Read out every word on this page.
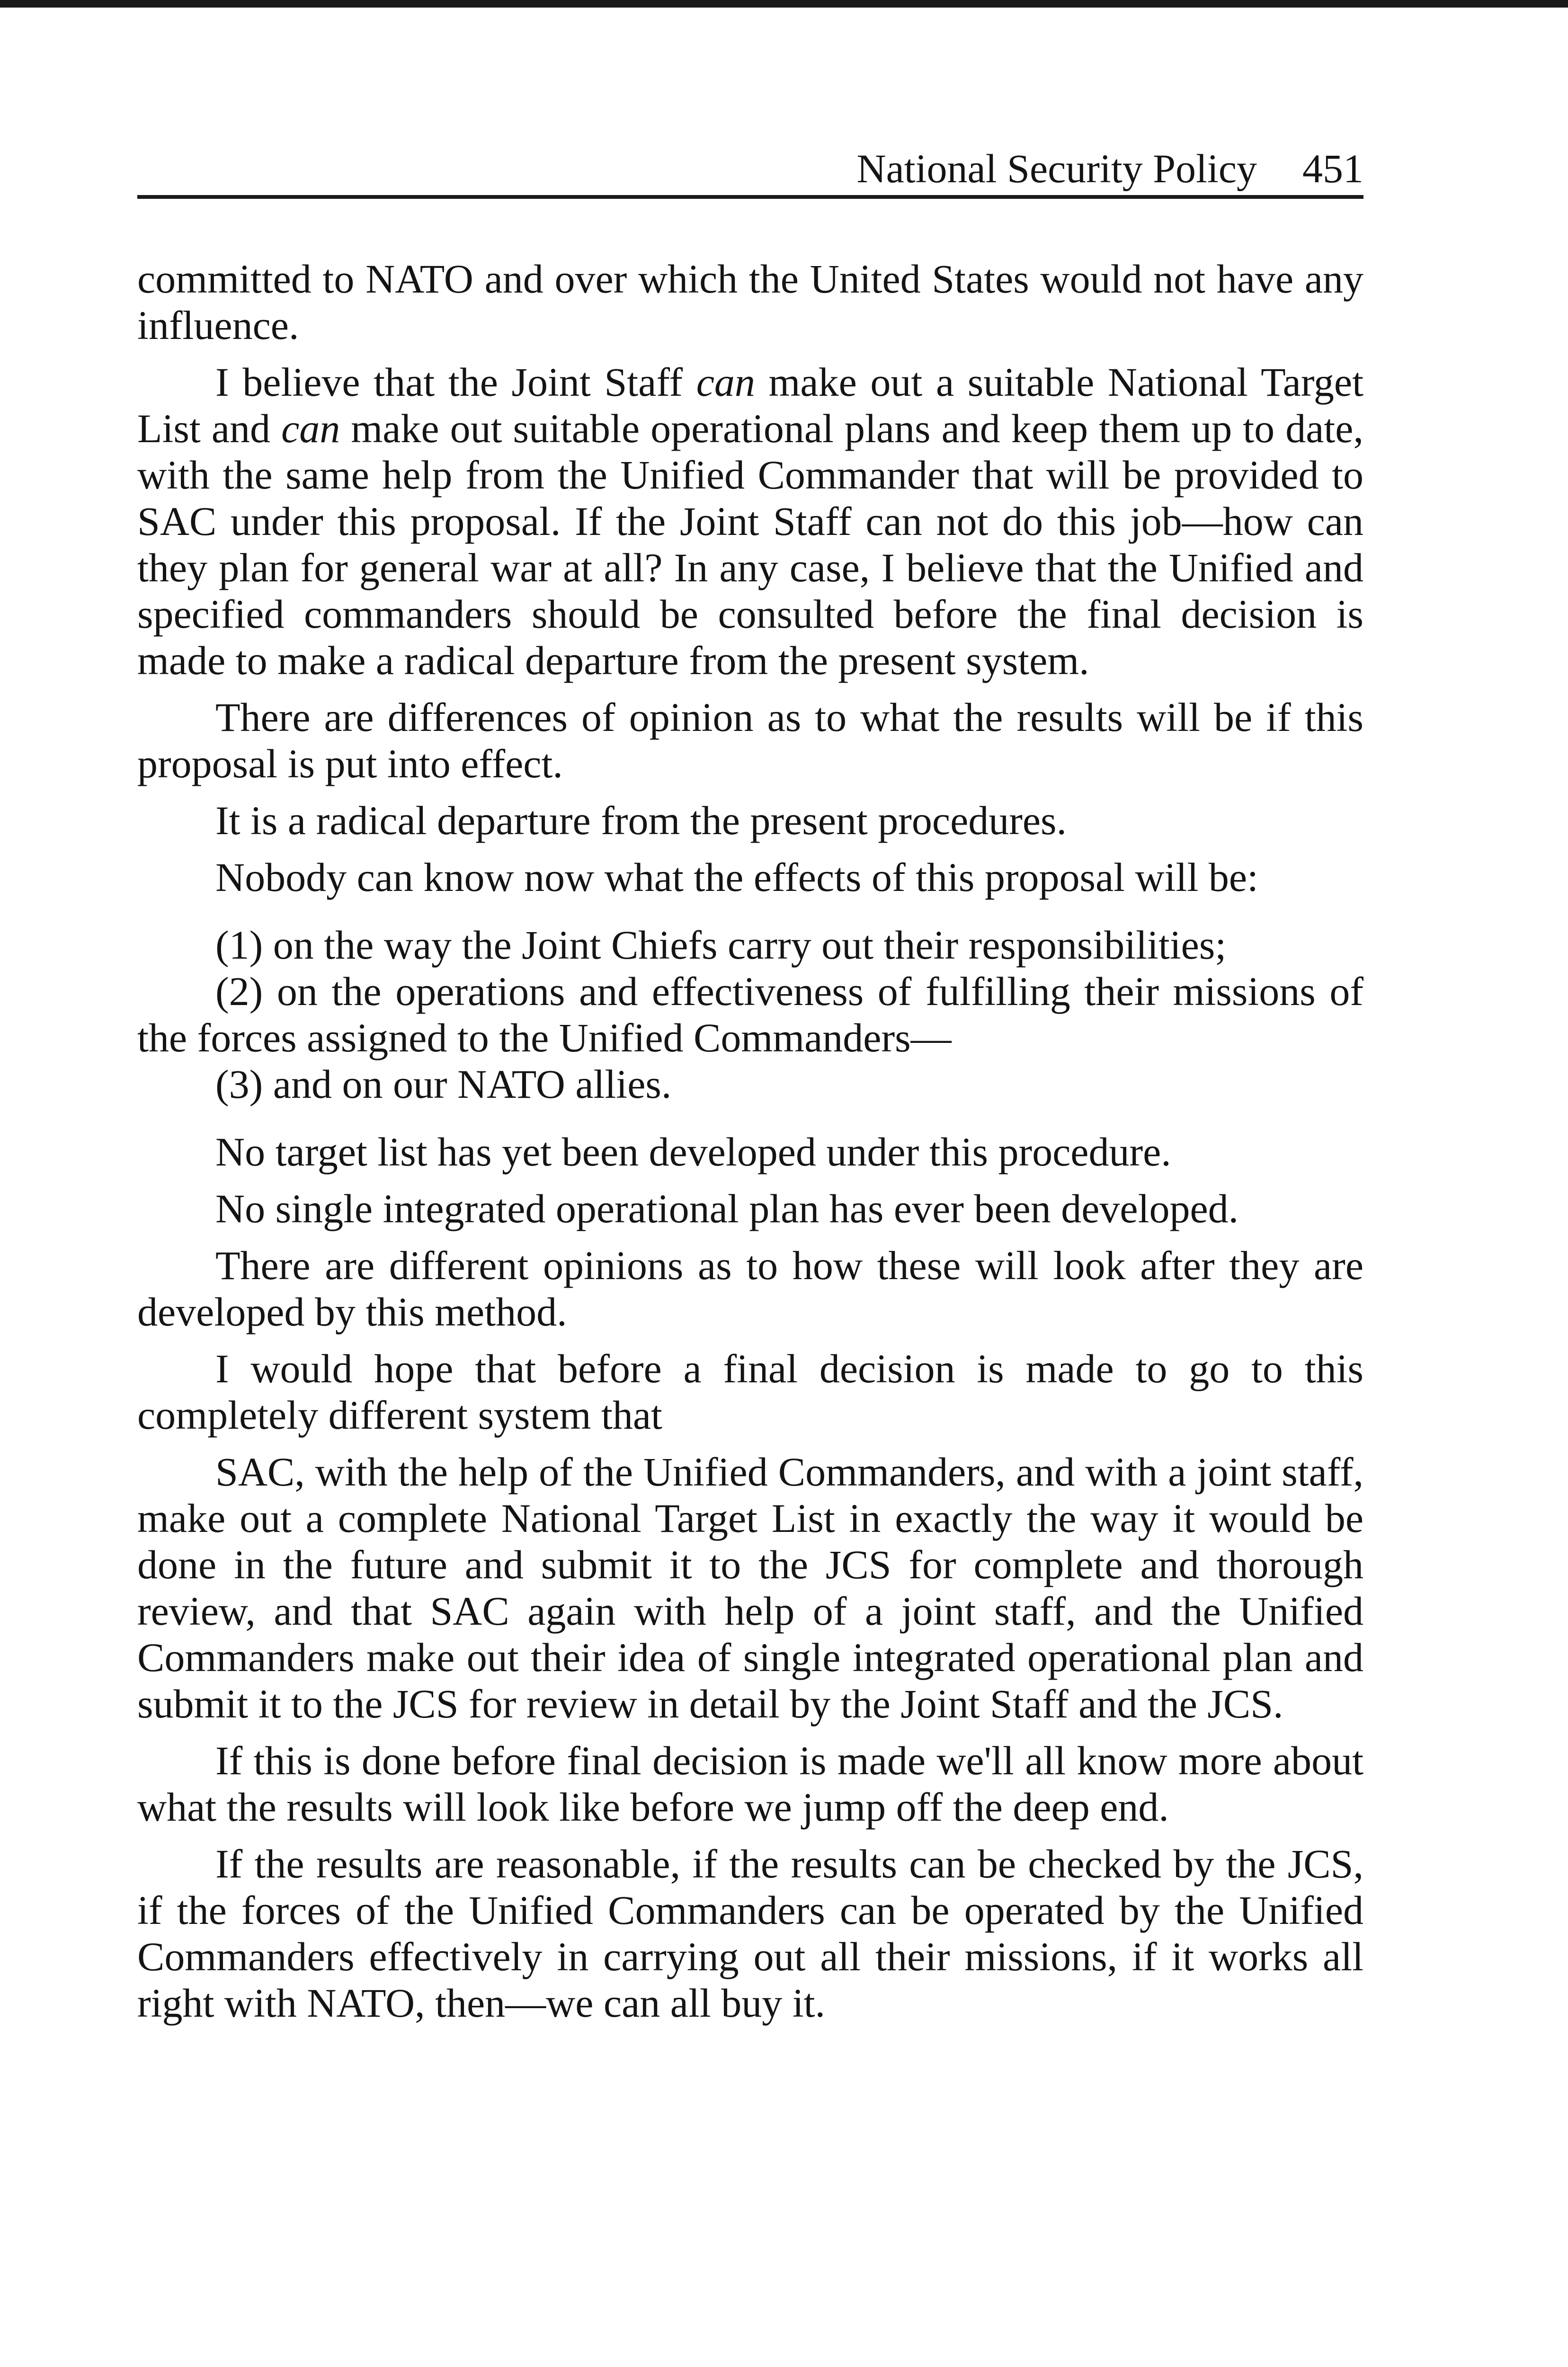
National Security Policy 451

committed to NATO and over which the United States would not have any influence.

I believe that the Joint Staff can make out a suitable National Target List and can make out suitable operational plans and keep them up to date, with the same help from the Unified Commander that will be provided to SAC under this proposal. If the Joint Staff can not do this job—how can they plan for general war at all? In any case, I believe that the Unified and specified commanders should be consulted before the final decision is made to make a radical departure from the present system.

There are differences of opinion as to what the results will be if this proposal is put into effect.

It is a radical departure from the present procedures.

Nobody can know now what the effects of this proposal will be:

(1) on the way the Joint Chiefs carry out their responsibilities;

(2) on the operations and effectiveness of fulfilling their missions of the forces assigned to the Unified Commanders—

(3) and on our NATO allies.

No target list has yet been developed under this procedure.

No single integrated operational plan has ever been developed.

There are different opinions as to how these will look after they are developed by this method.

I would hope that before a final decision is made to go to this completely different system that

SAC, with the help of the Unified Commanders, and with a joint staff, make out a complete National Target List in exactly the way it would be done in the future and submit it to the JCS for complete and thorough review, and that SAC again with help of a joint staff, and the Unified Commanders make out their idea of single integrated operational plan and submit it to the JCS for review in detail by the Joint Staff and the JCS.

If this is done before final decision is made we'll all know more about what the results will look like before we jump off the deep end.

If the results are reasonable, if the results can be checked by the JCS, if the forces of the Unified Commanders can be operated by the Unified Commanders effectively in carrying out all their missions, if it works all right with NATO, then—we can all buy it.
